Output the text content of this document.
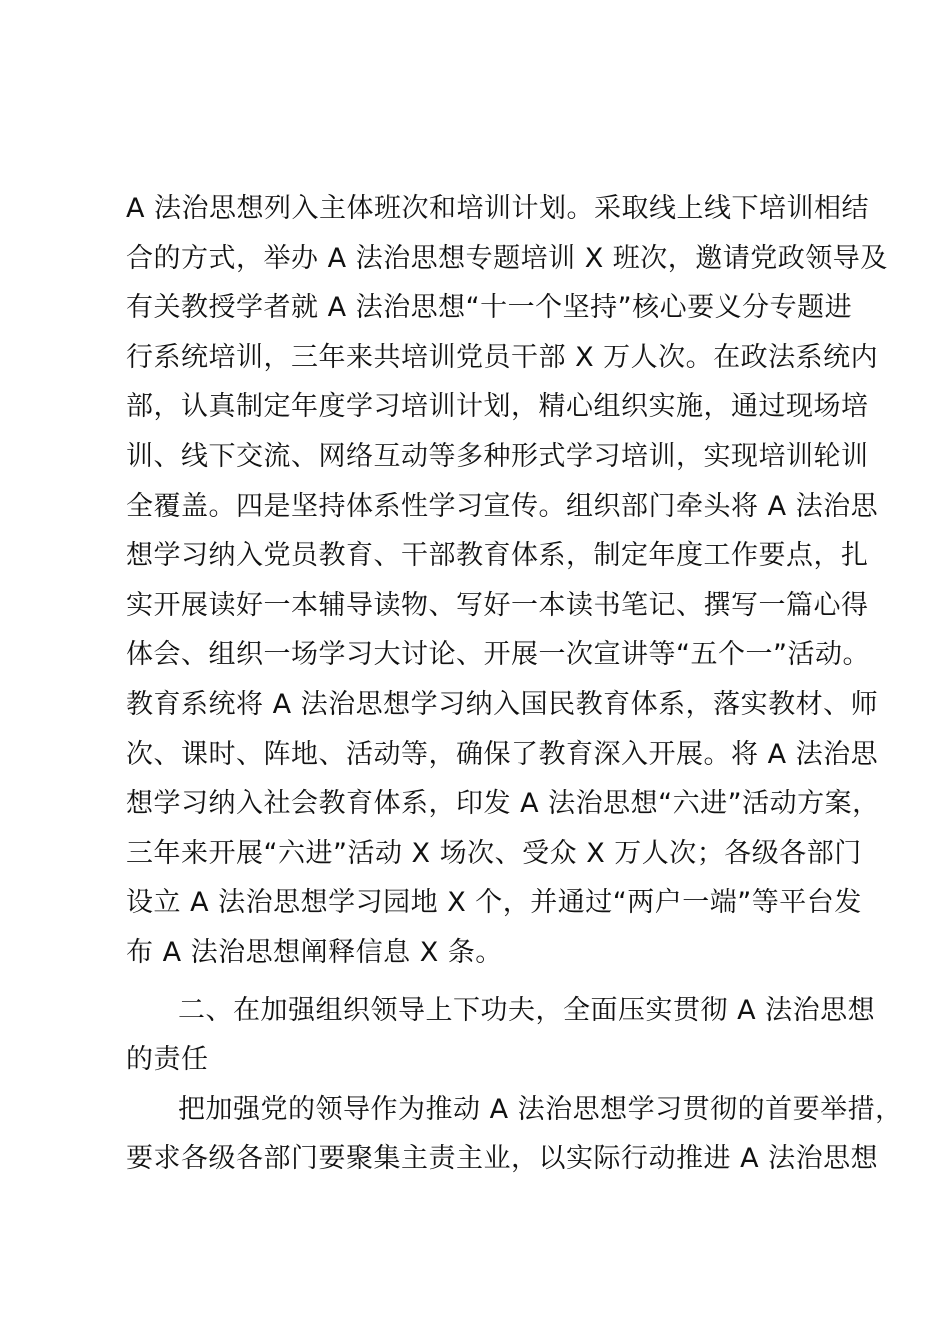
A 法治思想列入主体班次和培训计划。采取线上线下培训相结
合的方式，举办 A 法治思想专题培训 X 班次，邀请党政领导及
有关教授学者就 A 法治思想“十一个坚持”核心要义分专题进
行系统培训，三年来共培训党员干部 X 万人次。在政法系统内
部，认真制定年度学习培训计划，精心组织实施，通过现场培
训、线下交流、网络互动等多种形式学习培训，实现培训轮训
全覆盖。四是坚持体系性学习宣传。组织部门牵头将 A 法治思
想学习纳入党员教育、干部教育体系，制定年度工作要点，扎
实开展读好一本辅导读物、写好一本读书笔记、撰写一篇心得
体会、组织一场学习大讨论、开展一次宣讲等“五个一”活动。
教育系统将 A 法治思想学习纳入国民教育体系，落实教材、师
次、课时、阵地、活动等，确保了教育深入开展。将 A 法治思
想学习纳入社会教育体系，印发 A 法治思想“六进”活动方案，
三年来开展“六进”活动 X 场次、受众 X 万人次；各级各部门
设立 A 法治思想学习园地 X 个，并通过“两户一端”等平台发
布 A 法治思想阐释信息 X 条。
二、在加强组织领导上下功夫，全面压实贯彻 A 法治思想
的责任
把加强党的领导作为推动 A 法治思想学习贯彻的首要举措，
要求各级各部门要聚集主责主业，以实际行动推进 A 法治思想
